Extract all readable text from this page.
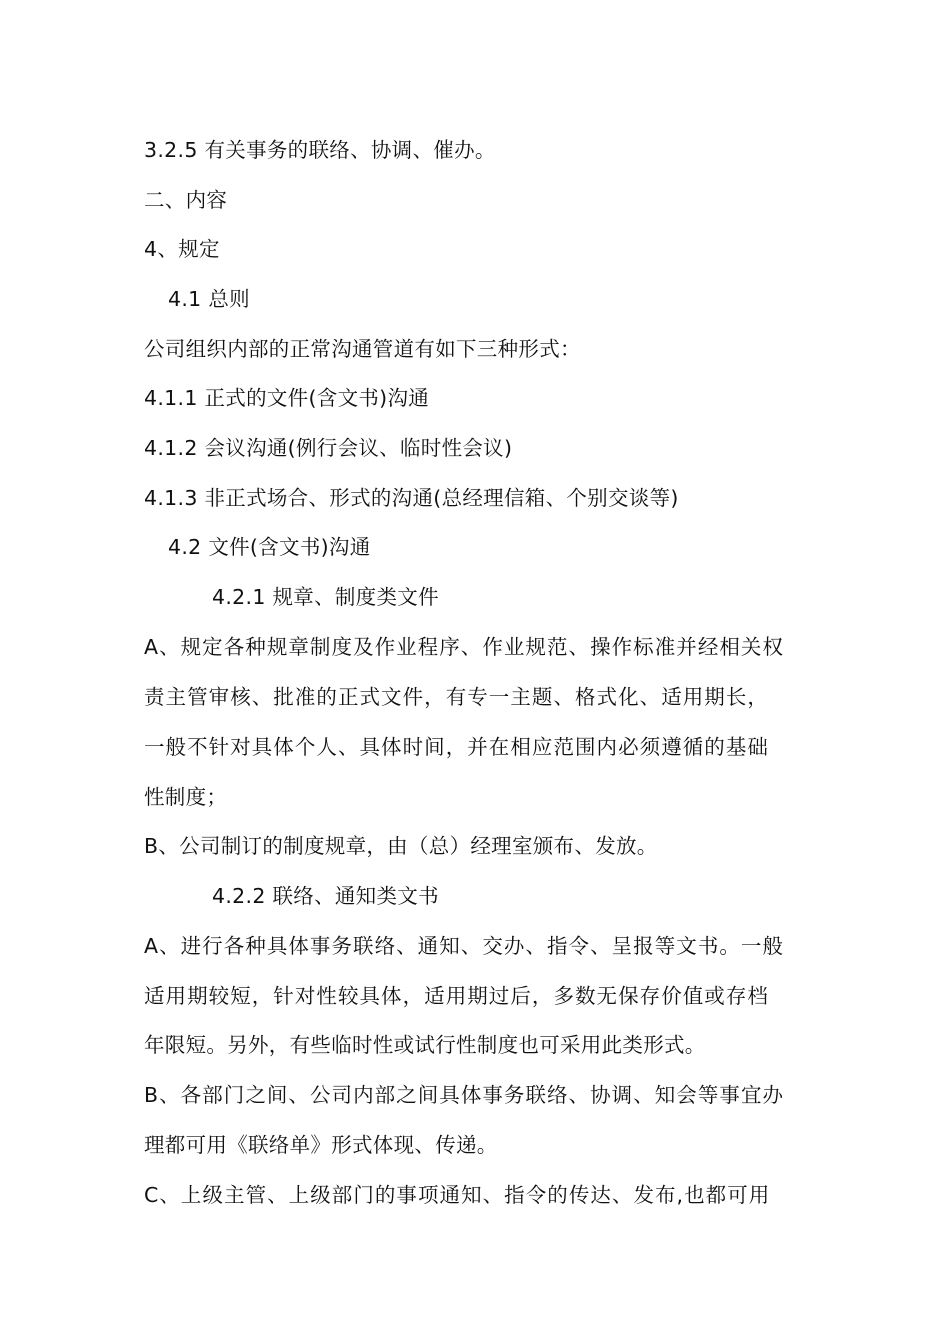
3.2.5 有关事务的联络、协调、催办。
二、内容
4、规定
4.1 总则
公司组织内部的正常沟通管道有如下三种形式：
4.1.1 正式的文件(含文书)沟通
4.1.2 会议沟通(例行会议、临时性会议)
4.1.3 非正式场合、形式的沟通(总经理信箱、个别交谈等)
4.2 文件(含文书)沟通
4.2.1 规章、制度类文件
A、规定各种规章制度及作业程序、作业规范、操作标准并经相关权
责主管审核、批准的正式文件，有专一主题、格式化、适用期长，
一般不针对具体个人、具体时间，并在相应范围内必须遵循的基础
性制度；
B、公司制订的制度规章，由（总）经理室颁布、发放。
4.2.2 联络、通知类文书
A、进行各种具体事务联络、通知、交办、指令、呈报等文书。一般
适用期较短，针对性较具体，适用期过后，多数无保存价值或存档
年限短。另外，有些临时性或试行性制度也可采用此类形式。
B、各部门之间、公司内部之间具体事务联络、协调、知会等事宜办
理都可用《联络单》形式体现、传递。
C、上级主管、上级部门的事项通知、指令的传达、发布,也都可用
